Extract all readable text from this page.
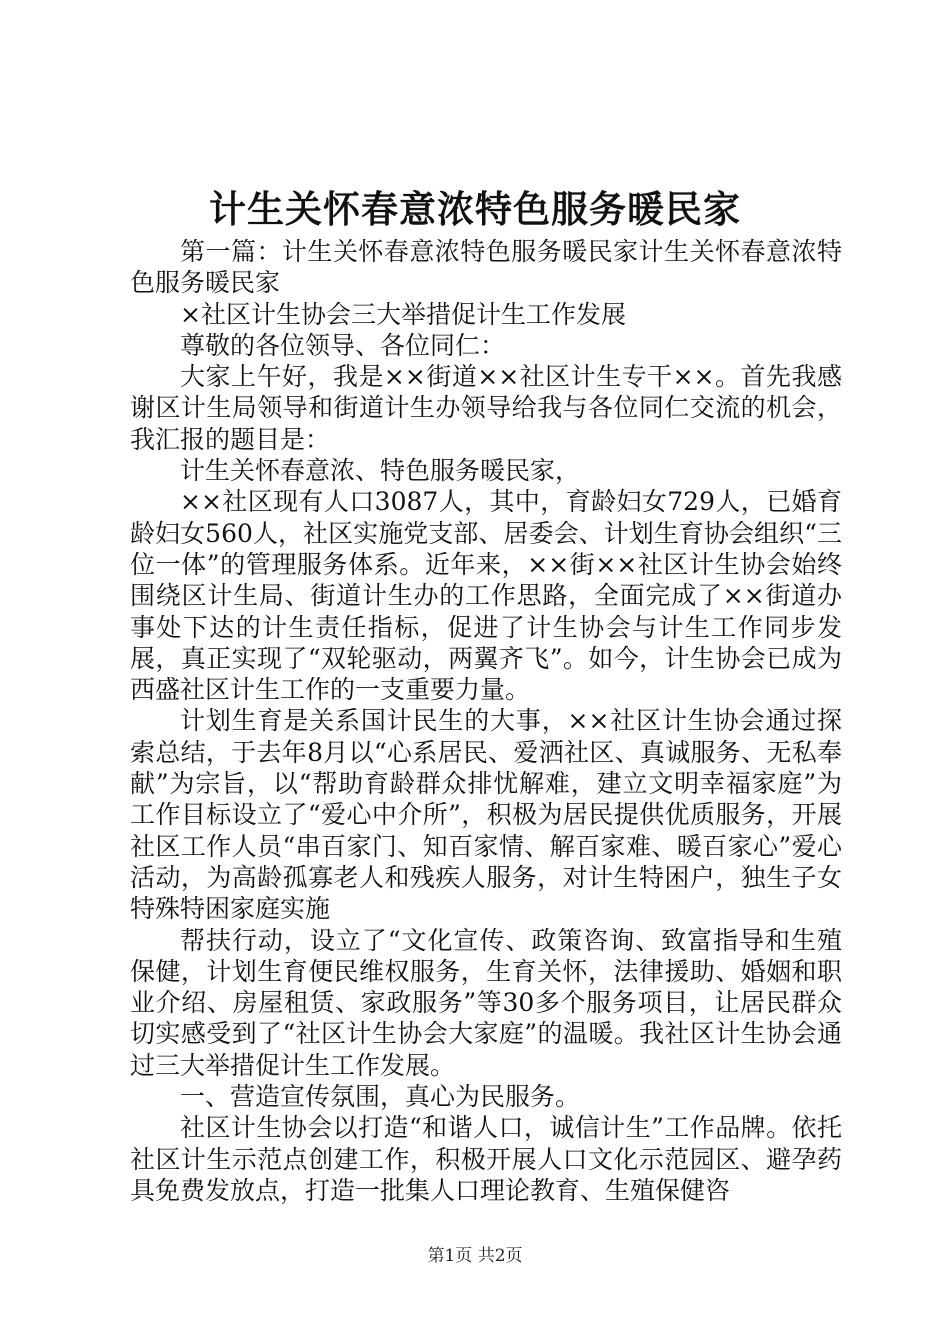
计生关怀春意浓特色服务暖民家

第一篇：计生关怀春意浓特色服务暖民家计生关怀春意浓特色服务暖民家

×社区计生协会三大举措促计生工作发展

尊敬的各位领导、各位同仁：

大家上午好，我是××街道××社区计生专干××。首先我感谢区计生局领导和街道计生办领导给我与各位同仁交流的机会，我汇报的题目是：

计生关怀春意浓、特色服务暖民家，

××社区现有人口3087人，其中，育龄妇女729人，已婚育龄妇女560人，社区实施党支部、居委会、计划生育协会组织“三位一体”的管理服务体系。近年来，××街××社区计生协会始终围绕区计生局、街道计生办的工作思路，全面完成了××街道办事处下达的计生责任指标，促进了计生协会与计生工作同步发展，真正实现了“双轮驱动，两翼齐飞”。如今，计生协会已成为西盛社区计生工作的一支重要力量。

计划生育是关系国计民生的大事，××社区计生协会通过探索总结，于去年8月以“心系居民、爱洒社区、真诚服务、无私奉献”为宗旨，以“帮助育龄群众排忧解难，建立文明幸福家庭”为工作目标设立了“爱心中介所”，积极为居民提供优质服务，开展社区工作人员“串百家门、知百家情、解百家难、暖百家心”爱心活动，为高龄孤寡老人和残疾人服务，对计生特困户，独生子女特殊特困家庭实施

帮扶行动，设立了“文化宣传、政策咨询、致富指导和生殖保健，计划生育便民维权服务，生育关怀，法律援助、婚姻和职业介绍、房屋租赁、家政服务”等30多个服务项目，让居民群众切实感受到了“社区计生协会大家庭”的温暖。我社区计生协会通过三大举措促计生工作发展。

一、营造宣传氛围，真心为民服务。

社区计生协会以打造“和谐人口，诚信计生”工作品牌。依托社区计生示范点创建工作，积极开展人口文化示范园区、避孕药具免费发放点，打造一批集人口理论教育、生殖保健咨

第1页 共2页
